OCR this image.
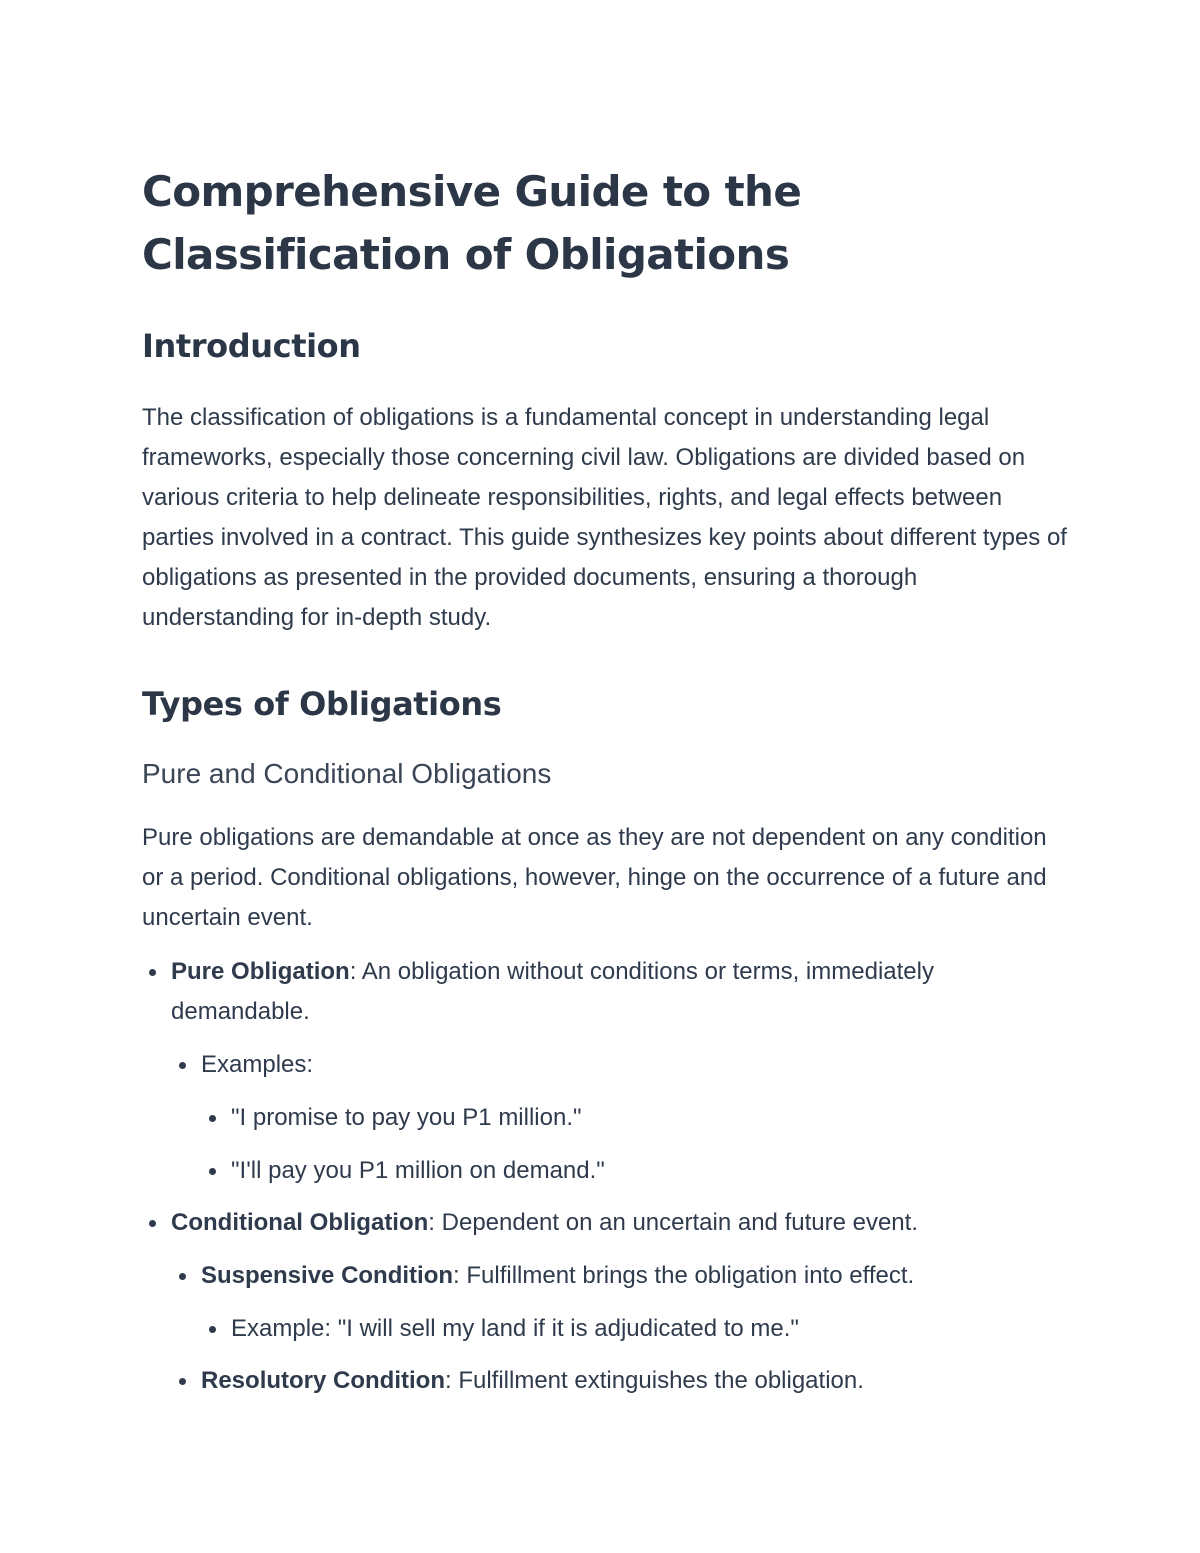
Comprehensive Guide to the
Classification of Obligations
Introduction

The classification of obligations is a fundamental concept in understanding legal frameworks, especially those concerning civil law. Obligations are divided based on various criteria to help delineate responsibilities, rights, and legal effects between parties involved in a contract. This guide synthesizes key points about different types of obligations as presented in the provided documents, ensuring a thorough understanding for in-depth study.

Types of Obligations
Pure and Conditional Obligations

Pure obligations are demandable at once as they are not dependent on any condition or a period. Conditional obligations, however, hinge on the occurrence of a future and uncertain event.

Pure Obligation: An obligation without conditions or terms, immediately demandable.
Examples:
"I promise to pay you P1 million."
"I'll pay you P1 million on demand."
Conditional Obligation: Dependent on an uncertain and future event.
Suspensive Condition: Fulfillment brings the obligation into effect.
Example: "I will sell my land if it is adjudicated to me."
Resolutory Condition: Fulfillment extinguishes the obligation.
